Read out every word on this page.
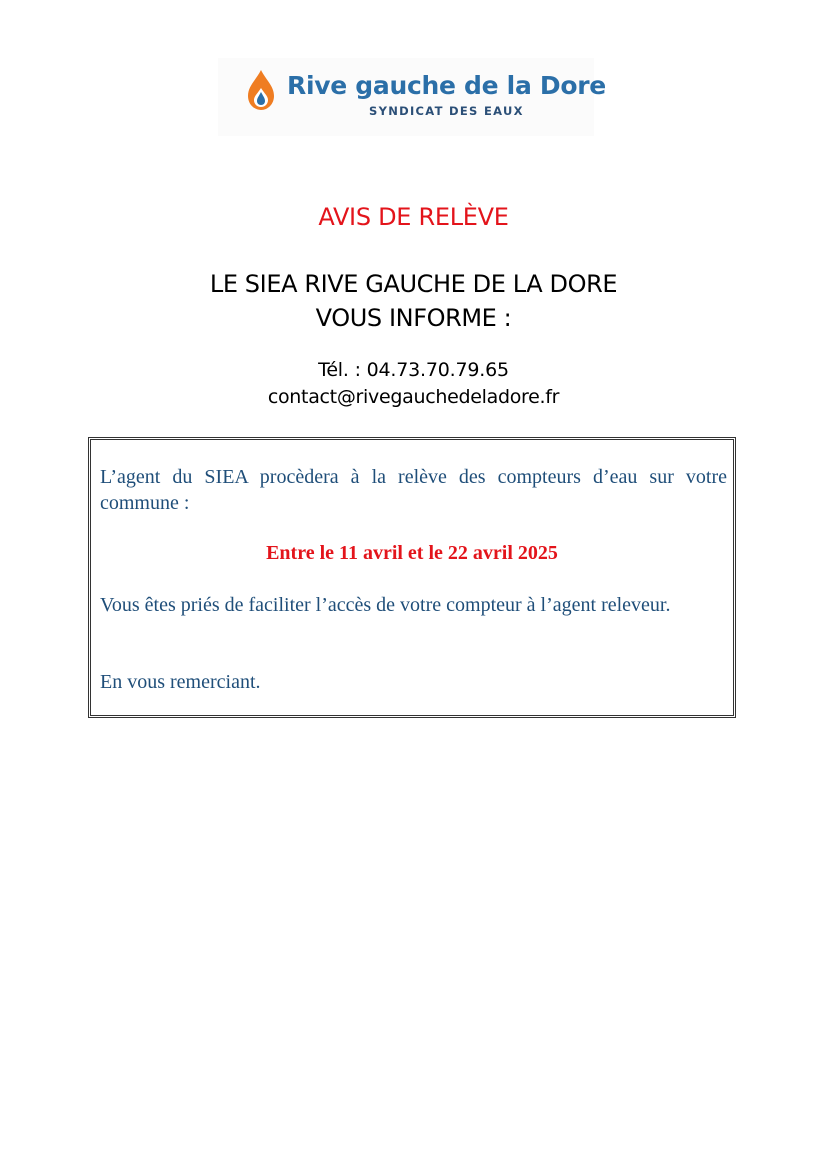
Rive gauche de la Dore
SYNDICAT DES EAUX
AVIS DE RELÈVE
LE SIEA RIVE GAUCHE DE LA DORE
VOUS INFORME :
Tél. : 04.73.70.79.65
contact@rivegauchedeladore.fr
L’agent du SIEA procèdera à la relève des compteurs d’eau sur votre commune :
Entre le 11 avril et le 22 avril 2025
Vous êtes priés de faciliter l’accès de votre compteur à l’agent releveur.
En vous remerciant.
